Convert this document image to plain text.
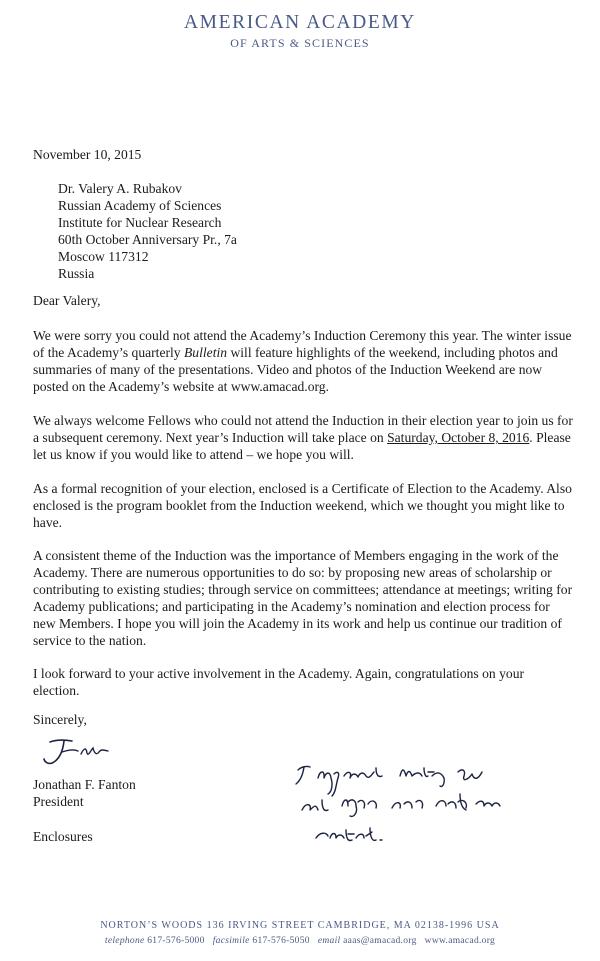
AMERICAN ACADEMY
OF ARTS & SCIENCES
November 10, 2015
Dr. Valery A. Rubakov
Russian Academy of Sciences
Institute for Nuclear Research
60th October Anniversary Pr., 7a
Moscow 117312
Russia
Dear Valery,
We were sorry you could not attend the Academy’s Induction Ceremony this year. The winter issue of the Academy’s quarterly Bulletin will feature highlights of the weekend, including photos and summaries of many of the presentations. Video and photos of the Induction Weekend are now posted on the Academy’s website at www.amacad.org.
We always welcome Fellows who could not attend the Induction in their election year to join us for a subsequent ceremony. Next year’s Induction will take place on Saturday, October 8, 2016. Please let us know if you would like to attend – we hope you will.
As a formal recognition of your election, enclosed is a Certificate of Election to the Academy. Also enclosed is the program booklet from the Induction weekend, which we thought you might like to have.
A consistent theme of the Induction was the importance of Members engaging in the work of the Academy. There are numerous opportunities to do so: by proposing new areas of scholarship or contributing to existing studies; through service on committees; attendance at meetings; writing for Academy publications; and participating in the Academy’s nomination and election process for new Members. I hope you will join the Academy in its work and help us continue our tradition of service to the nation.
I look forward to your active involvement in the Academy. Again, congratulations on your election.
Sincerely,
Jonathan F. Fanton
President
Enclosures
NORTON’S WOODS 136 IRVING STREET CAMBRIDGE, MA 02138-1996 USA
telephone 617-576-5000 facsimile 617-576-5050 email aaas@amacad.org www.amacad.org
